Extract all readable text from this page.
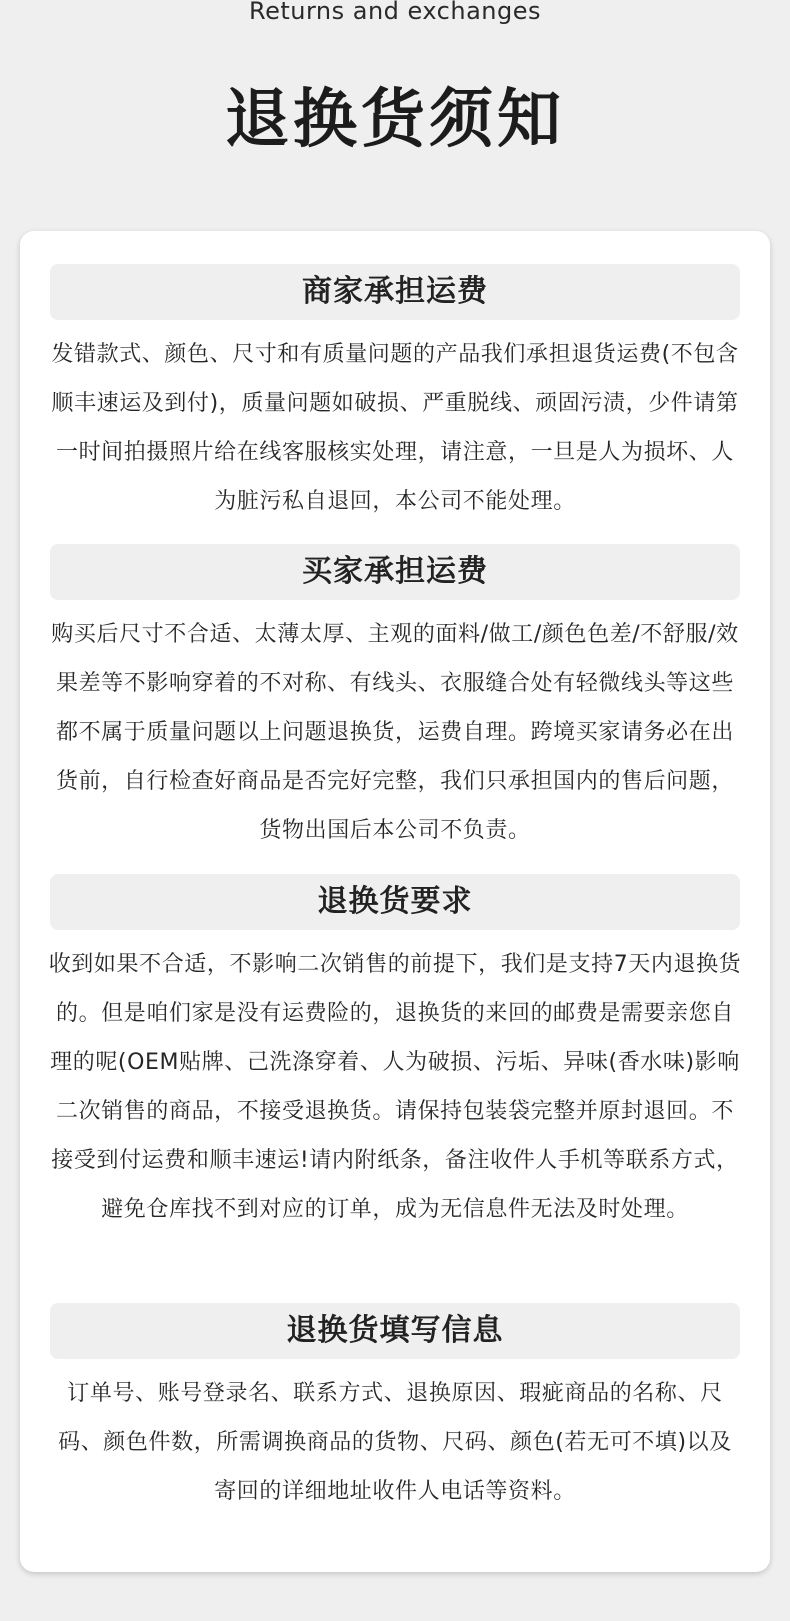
Returns and exchanges
退换货须知
商家承担运费
发错款式、颜色、尺寸和有质量问题的产品我们承担退货运费(不包含顺丰速运及到付)，质量问题如破损、严重脱线、顽固污渍，少件请第一时间拍摄照片给在线客服核实处理，请注意，一旦是人为损坏、人为脏污私自退回，本公司不能处理。
买家承担运费
购买后尺寸不合适、太薄太厚、主观的面料/做工/颜色色差/不舒服/效果差等不影响穿着的不对称、有线头、衣服缝合处有轻微线头等这些都不属于质量问题以上问题退换货，运费自理。跨境买家请务必在出货前，自行检查好商品是否完好完整，我们只承担国内的售后问题，货物出国后本公司不负责。
退换货要求
收到如果不合适，不影响二次销售的前提下，我们是支持7天内退换货的。但是咱们家是没有运费险的，退换货的来回的邮费是需要亲您自理的呢(OEM贴牌、己洗涤穿着、人为破损、污垢、异味(香水味)影响二次销售的商品，不接受退换货。请保持包装袋完整并原封退回。不接受到付运费和顺丰速运!请内附纸条，备注收件人手机等联系方式，避免仓库找不到对应的订单，成为无信息件无法及时处理。
退换货填写信息
订单号、账号登录名、联系方式、退换原因、瑕疵商品的名称、尺码、颜色件数，所需调换商品的货物、尺码、颜色(若无可不填)以及寄回的详细地址收件人电话等资料。
